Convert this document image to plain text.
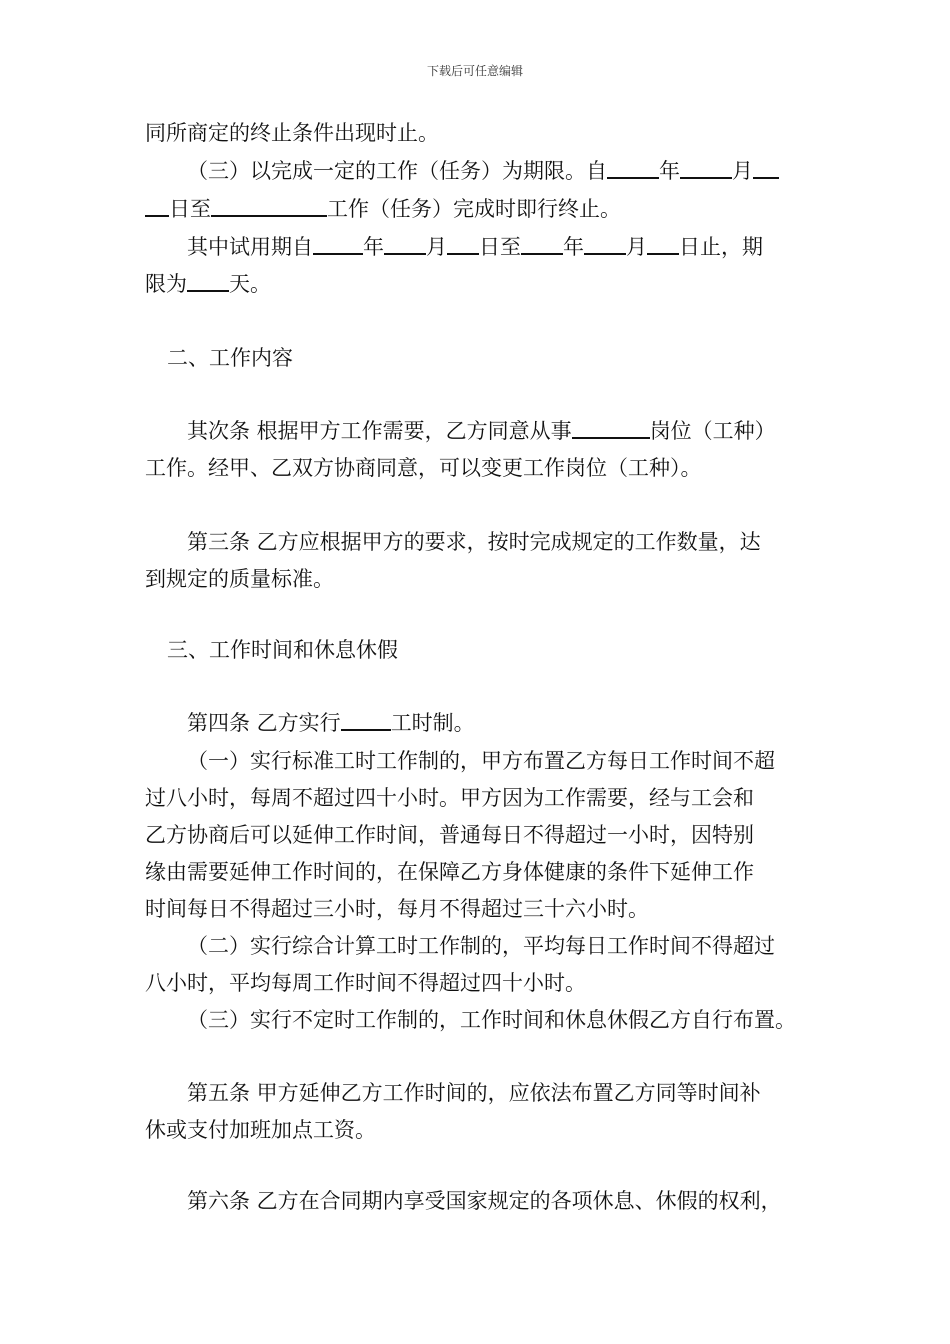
下载后可任意编辑
同所商定的终止条件出现时止。
（三）以完成一定的工作（任务）为期限。自 年 月
日至	工作（任务）完成时即行终止。
其中试用期自 年 月 日至 年 月 日止，期
限为 天。
二、工作内容
其次条 根据甲方工作需要，乙方同意从事	岗位（工种）
工作。经甲、乙双方协商同意，可以变更工作岗位（工种）。
第三条 乙方应根据甲方的要求，按时完成规定的工作数量，达
到规定的质量标准。
三、工作时间和休息休假
第四条 乙方实行 工时制。
（一）实行标准工时工作制的，甲方布置乙方每日工作时间不超
过八小时，每周不超过四十小时。甲方因为工作需要，经与工会和
乙方协商后可以延伸工作时间，普通每日不得超过一小时，因特别
缘由需要延伸工作时间的，在保障乙方身体健康的条件下延伸工作
时间每日不得超过三小时，每月不得超过三十六小时。
（二）实行综合计算工时工作制的，平均每日工作时间不得超过
八小时，平均每周工作时间不得超过四十小时。
（三）实行不定时工作制的，工作时间和休息休假乙方自行布置。
第五条 甲方延伸乙方工作时间的，应依法布置乙方同等时间补
休或支付加班加点工资。
第六条 乙方在合同期内享受国家规定的各项休息、休假的权利，
